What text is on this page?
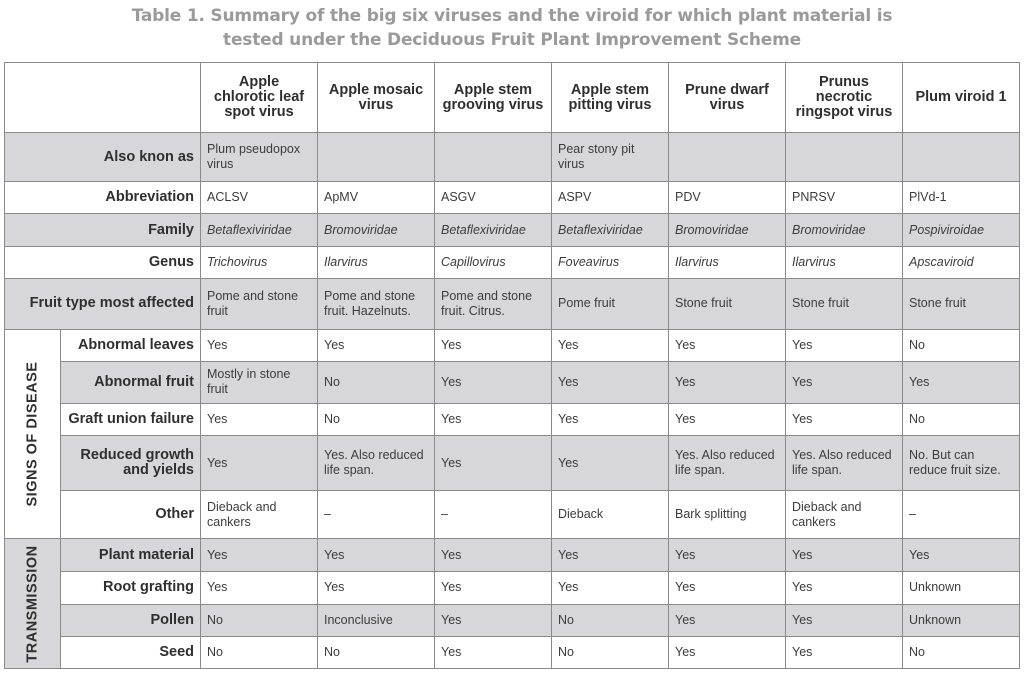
Table 1. Summary of the big six viruses and the viroid for which plant material is
tested under the Deciduous Fruit Plant Improvement Scheme
		Apple chlorotic leaf spot virus	Apple mosaic virus	Apple stem grooving virus	Apple stem pitting virus	Prune dwarf virus	Prunus necrotic ringspot virus	Plum viroid 1
Also knon as		Plum pseudopox virus			Pear stony pit virus			
Abbreviation		ACLSV	ApMV	ASGV	ASPV	PDV	PNRSV	PlVd-1
Family		Betaflexiviridae	Bromoviridae	Betaflexiviridae	Betaflexiviridae	Bromoviridae	Bromoviridae	Pospiviroidae
Genus		Trichovirus	Ilarvirus	Capillovirus	Foveavirus	Ilarvirus	Ilarvirus	Apscaviroid
Fruit type most affected		Pome and stone fruit	Pome and stone fruit. Hazelnuts.	Pome and stone fruit. Citrus.	Pome fruit	Stone fruit	Stone fruit	Stone fruit

SIGNS OF DISEASE	Abnormal leaves	Yes	Yes	Yes	Yes	Yes	Yes	No
	Abnormal fruit	Mostly in stone fruit	No	Yes	Yes	Yes	Yes	Yes
	Graft union failure	Yes	No	Yes	Yes	Yes	Yes	No
	Reduced growth and yields	Yes	Yes. Also reduced life span.	Yes	Yes	Yes. Also reduced life span.	Yes. Also reduced life span.	No. But can reduce fruit size.
	Other	Dieback and cankers	–	–	Dieback	Bark splitting	Dieback and cankers	–

TRANSMISSION	Plant material	Yes	Yes	Yes	Yes	Yes	Yes	Yes
	Root grafting	Yes	Yes	Yes	Yes	Yes	Yes	Unknown
	Pollen	No	Inconclusive	Yes	No	Yes	Yes	Unknown
	Seed	No	No	Yes	No	Yes	Yes	No
